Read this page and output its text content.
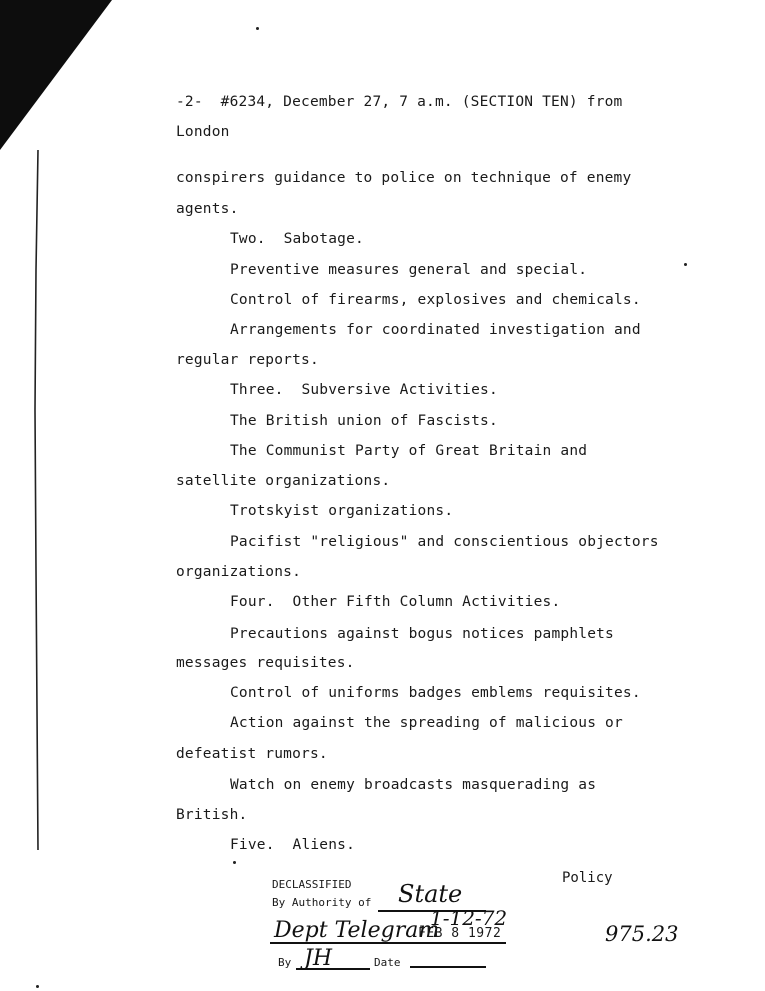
-2-  #6234, December 27, 7 a.m. (SECTION TEN) from
London
conspirers guidance to police on technique of enemy
agents.
Two.  Sabotage.
Preventive measures general and special.
Control of firearms, explosives and chemicals.
Arrangements for coordinated investigation and
regular reports.
Three.  Subversive Activities.
The British union of Fascists.
The Communist Party of Great Britain and
satellite organizations.
Trotskyist organizations.
Pacifist "religious" and conscientious objectors
organizations.
Four.  Other Fifth Column Activities.
Precautions against bogus notices pamphlets
messages requisites.
Control of uniforms badges emblems requisites.
Action against the spreading of malicious or
defeatist rumors.
Watch on enemy broadcasts masquerading as
British.
Five.  Aliens.
Policy
975.23
DECLASSIFIED
By Authority of State
Dept Telegram
1-12-72
FEB 8 1972
By JH	Date
